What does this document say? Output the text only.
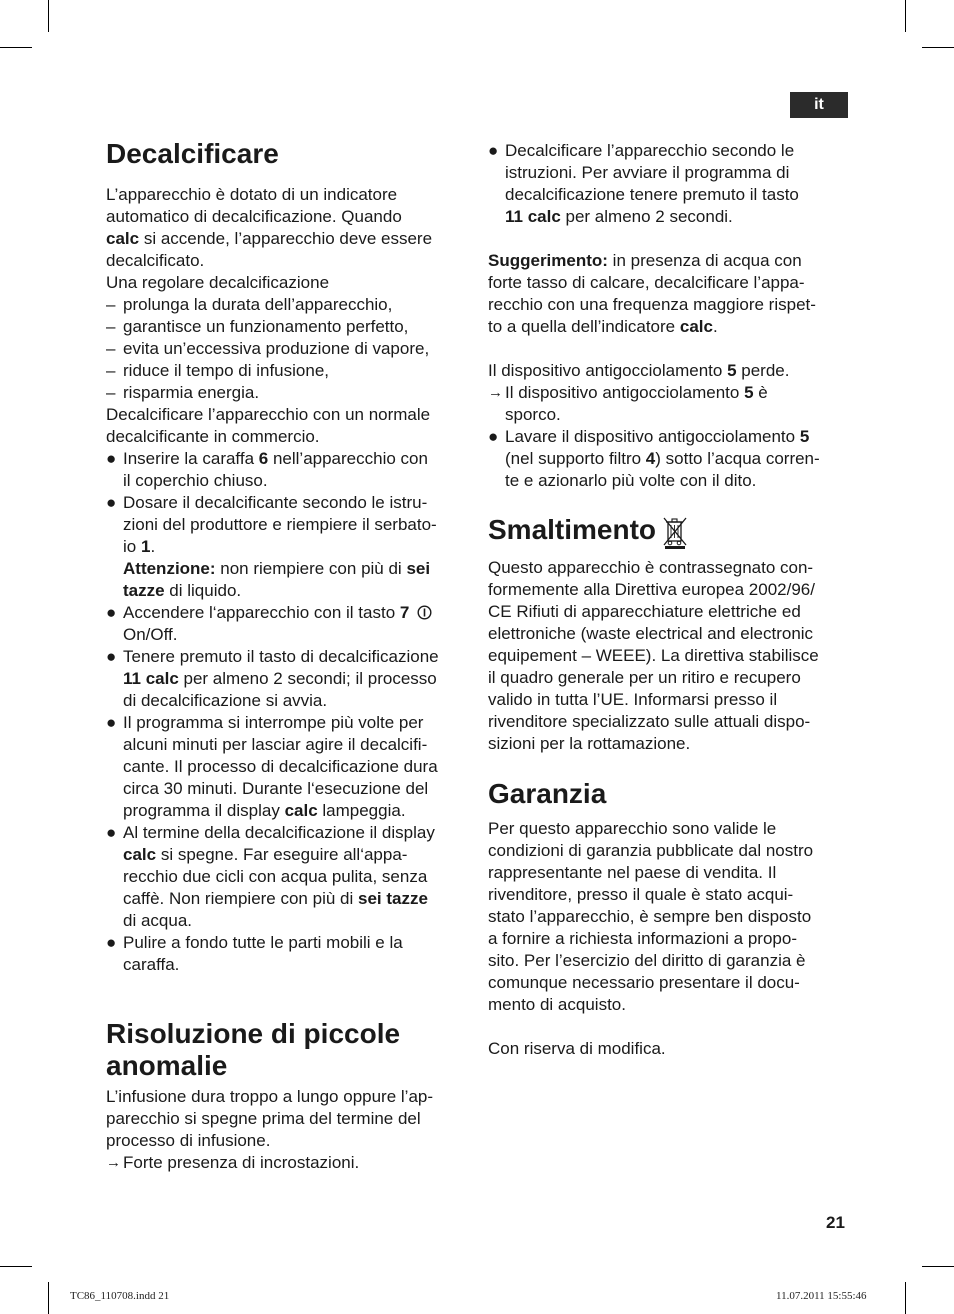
it
Decalcificare

L’apparecchio è dotato di un indicatore
automatico di decalcificazione. Quando
calc si accende, l’apparecchio deve essere
decalcificato.
Una regolare decalcificazione

– prolunga la durata dell’apparecchio,
– garantisce un funzionamento perfetto,
– evita un’eccessiva produzione di vapore,
– riduce il tempo di infusione,
– risparmia energia.

Decalcificare l’apparecchio con un normale
decalcificante in commercio.

● Inserire la caraffa 6 nell’apparecchio con
il coperchio chiuso.
● Dosare il decalcificante secondo le istru-
zioni del produttore e riempiere il serbato-
io 1.
Attenzione: non riempiere con più di sei
tazze di liquido.
● Accendere l‘apparecchio con il tasto 7
On/Off.
● Tenere premuto il tasto di decalcificazione
11 calc per almeno 2 secondi; il processo
di decalcificazione si avvia.
● Il programma si interrompe più volte per
alcuni minuti per lasciar agire il decalcifi-
cante. Il processo di decalcificazione dura
circa 30 minuti. Durante l‘esecuzione del
programma il display calc lampeggia.
● Al termine della decalcificazione il display
calc si spegne. Far eseguire all‘appa-
recchio due cicli con acqua pulita, senza
caffè. Non riempiere con più di sei tazze
di acqua.
● Pulire a fondo tutte le parti mobili e la
caraffa.
Risoluzione di piccole
anomalie

L’infusione dura troppo a lungo oppure l’ap-
parecchio si spegne prima del termine del
processo di infusione.

→ Forte presenza di incrostazioni.
● Decalcificare l’apparecchio secondo le
istruzioni. Per avviare il programma di
decalcificazione tenere premuto il tasto
11 calc per almeno 2 secondi.

Suggerimento: in presenza di acqua con
forte tasso di calcare, decalcificare l’appa-
recchio con una frequenza maggiore rispet-
to a quella dell’indicatore calc.

Il dispositivo antigocciolamento 5 perde.

→ Il dispositivo antigocciolamento 5 è
sporco.
● Lavare il dispositivo antigocciolamento 5
(nel supporto filtro 4) sotto l’acqua corren-
te e azionarlo più volte con il dito.
Smaltimento

Questo apparecchio è contrassegnato con-
formemente alla Direttiva europea 2002/96/
CE Rifiuti di apparecchiature elettriche ed
elettroniche (waste electrical and electronic
equipement – WEEE). La direttiva stabilisce
il quadro generale per un ritiro e recupero
valido in tutta l’UE. Informarsi presso il
rivenditore specializzato sulle attuali dispo-
sizioni per la rottamazione.

Garanzia

Per questo apparecchio sono valide le
condizioni di garanzia pubblicate dal nostro
rappresentante nel paese di vendita. Il
rivenditore, presso il quale è stato acqui-
stato l’apparecchio, è sempre ben disposto
a fornire a richiesta informazioni a propo-
sito. Per l’esercizio del diritto di garanzia è
comunque necessario presentare il docu-
mento di acquisto.

Con riserva di modifica.

21
TC86_110708.indd 21	11.07.2011 15:55:46
